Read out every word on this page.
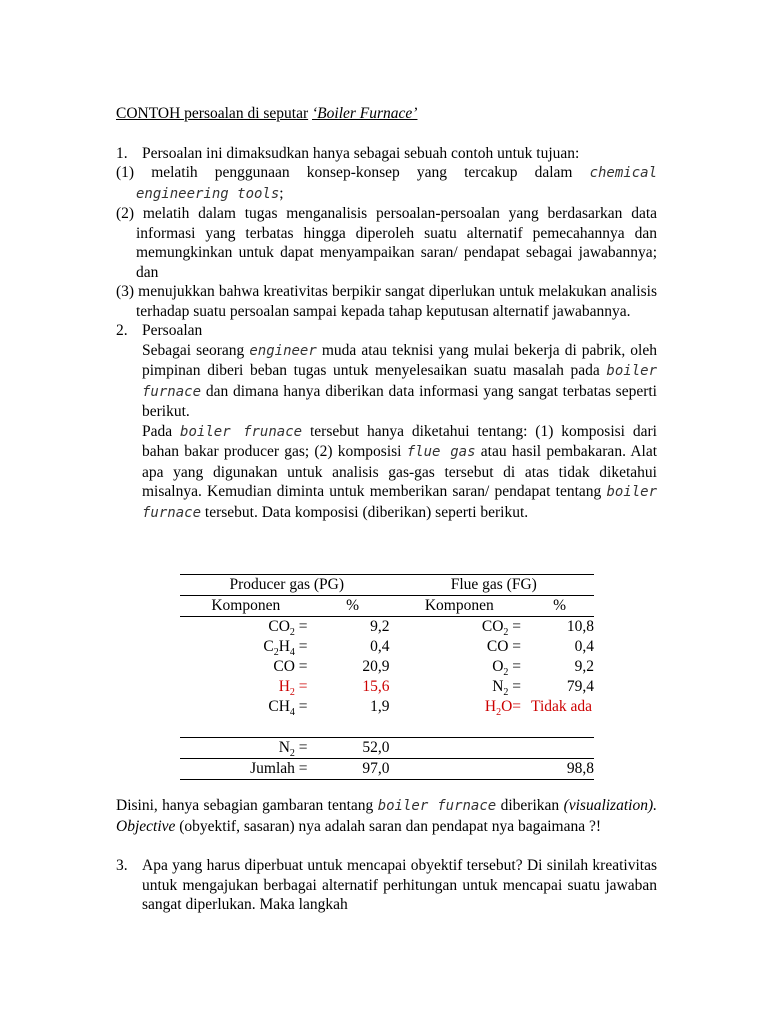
CONTOH persoalan di seputar ‘Boiler Furnace’

1. Persoalan ini dimaksudkan hanya sebagai sebuah contoh untuk tujuan:

(1) melatih penggunaan konsep-konsep yang tercakup dalam chemical engineering tools;

(2) melatih dalam tugas menganalisis persoalan-persoalan yang berdasarkan data informasi yang terbatas hingga diperoleh suatu alternatif pemecahannya dan memungkinkan untuk dapat menyampaikan saran/ pendapat sebagai jawabannya; dan

(3) menujukkan bahwa kreativitas berpikir sangat diperlukan untuk melakukan analisis terhadap suatu persoalan sampai kepada tahap keputusan alternatif jawabannya.

2. Persoalan

Sebagai seorang engineer muda atau teknisi yang mulai bekerja di pabrik, oleh pimpinan diberi beban tugas untuk menyelesaikan suatu masalah pada boiler furnace dan dimana hanya diberikan data informasi yang sangat terbatas seperti berikut.

Pada boiler frunace tersebut hanya diketahui tentang: (1) komposisi dari bahan bakar producer gas; (2) komposisi flue gas atau hasil pembakaran. Alat apa yang digunakan untuk analisis gas-gas tersebut di atas tidak diketahui misalnya. Kemudian diminta untuk memberikan saran/ pendapat tentang boiler furnace tersebut. Data komposisi (diberikan) seperti berikut.

Producer gas (PG)		Flue gas (FG)	
Komponen	%	Komponen	%
$CO_2$ =	9,2	$CO_2$ =	10,8
$C_2H_4$ =	0,4	CO =	0,4
CO =	20,9	$O_2$ =	9,2
$H_2$ =	15,6	$N_2$ =	79,4
$CH_4$ =	1,9	$H_2O=$	Tidak ada
$N_2$ =	52,0		
Jumlah =	97,0		98,8

Disini, hanya sebagian gambaran tentang boiler furnace diberikan (visualization). Objective (obyektif, sasaran) nya adalah saran dan pendapat nya bagaimana ?!

3. Apa yang harus diperbuat untuk mencapai obyektif tersebut? Di sinilah kreativitas untuk mengajukan berbagai alternatif perhitungan untuk mencapai suatu jawaban sangat diperlukan. Maka langkah
